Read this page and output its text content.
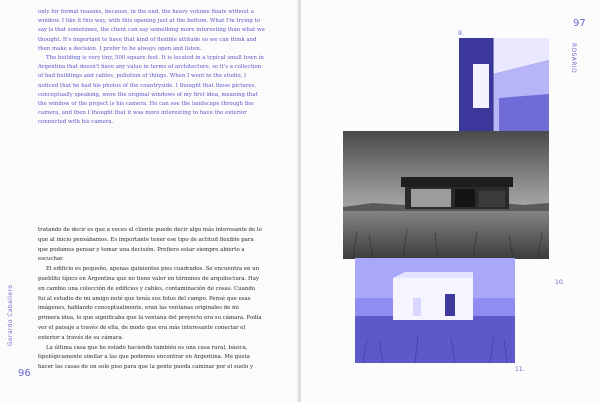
only for formal reasons, because, in the end, the heavy volume floats without a window. I like it this way, with this opening just at the bottom. What I'm trying to say is that sometimes, the client can say something more interesting than what we thought. It's important to have that kind of flexible attitude so we can think and then make a decision. I prefer to be always open and listen.

The building is very tiny, 500 square feet. It is located in a typical small town in Argentina that doesn't have any value in terms of architecture, so it's a collection of bad buildings and cables, pollution of things. When I went to the studio, I noticed that he had his photos of the countryside. I thought that those pictures, conceptually speaking, were the original windows of my first idea, meaning that the window of the project is his camera. He can see the landscape through the camera, and then I thought that it was more interesting to have the exterior connected with his camera.

tratando de decir es que a veces el cliente puede decir algo más interesante de lo que al inicio pensábamos. Es importante tener ese tipo de actitud flexible para que podamos pensar y tomar una decisión. Prefiero estar siempre abierto a escuchar.

El edificio es pequeño, apenas quinientos pies cuadrados. Se encuentra en un pueblito típico en Argentina que no tiene valor en términos de arquitectura. Hay en cambio una colección de edificios y cables, contaminación de cosas. Cuando fui al estudio de mi amigo noté que tenía sus fotos del campo. Pensé que esas imágenes, hablando conceptualmente, eran las ventanas originales de mi primera idea, lo que significaba que la ventana del proyecto era su cámara. Podía ver el paisaje a través de ella, de modo que era más interesante conectar el exterior a través de su cámara.

La última casa que he estado haciendo también es una casa rural, básica, tipológicamente similar a las que podemos encontrar en Argentina. Me gusta hacer las casas de un solo piso para que la gente pueda caminar por el suelo y

Gerardo Caballero
96
97
ROSARIO
9.
10.
11.
